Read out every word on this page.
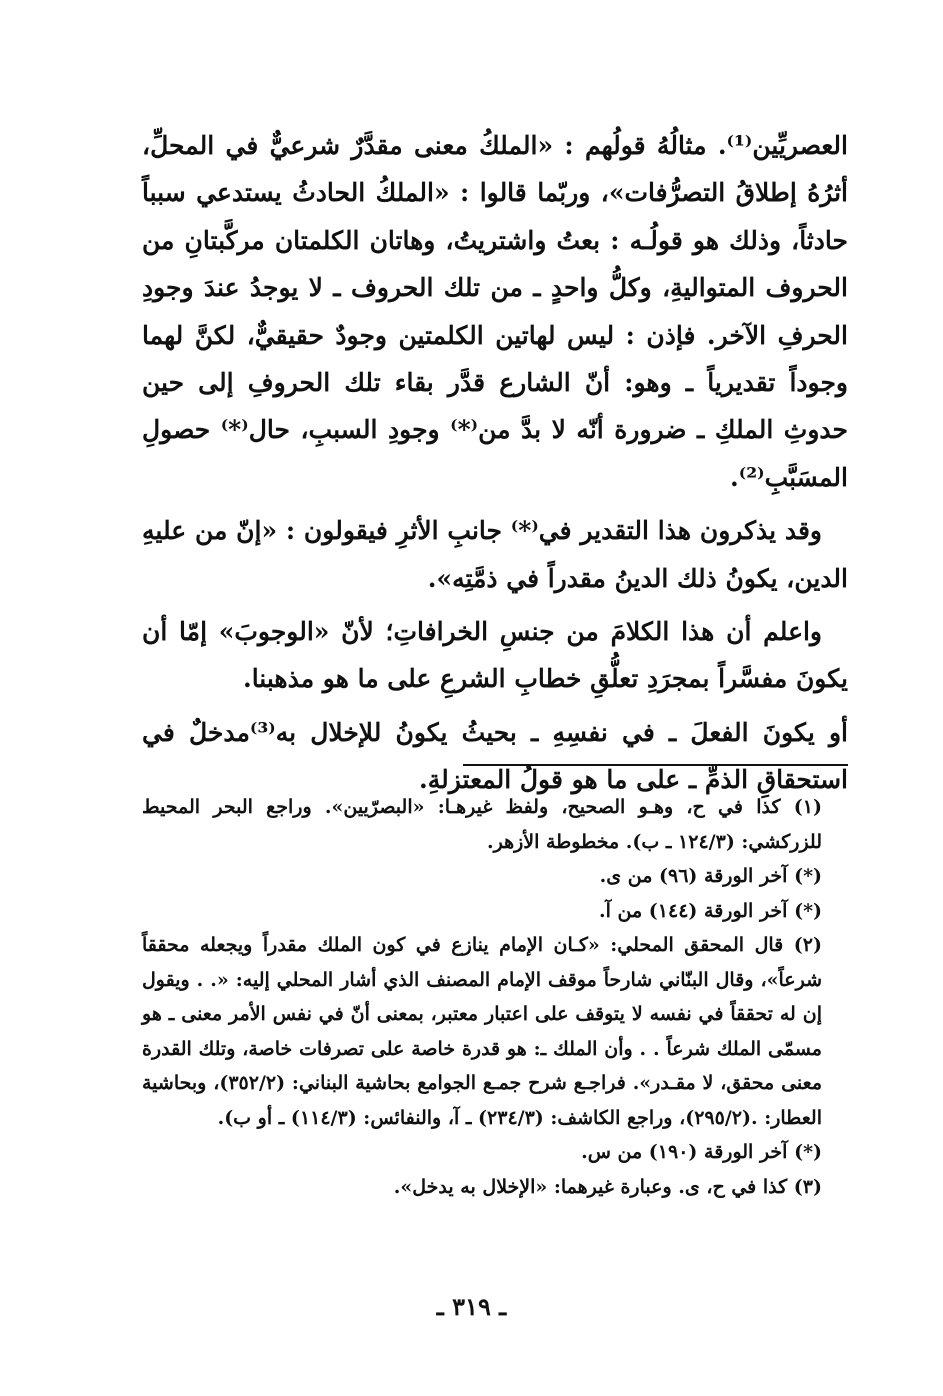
العصريِّين⁽¹⁾. مثالُهُ قولُهم : «الملكُ معنى مقدَّرٌ شرعيٌّ في المحلِّ، أثرُهُ إطلاقُ التصرُّفات»، وربّما قالوا : «الملكُ الحادثُ يستدعي سبباً حادثاً، وذلك هو قولُـه : بعتُ واشتريتُ، وهاتان الكلمتان مركَّبتانِ من الحروف المتواليةِ، وكلُّ واحدٍ ـ من تلك الحروف ـ لا يوجدُ عندَ وجودِ الحرفِ الآخر. فإذن : ليس لهاتين الكلمتين وجودٌ حقيقيٌّ، لكنَّ لهما وجوداً تقديرياً ـ وهو: أنّ الشارع قدَّر بقاء تلك الحروفِ إلى حين حدوثِ الملكِ ـ ضرورة أنّه لا بدَّ من⁽*⁾ وجودِ السببِ، حال⁽*⁾ حصولِ المسَبَّبِ⁽²⁾.

وقد يذكرون هذا التقدير في⁽*⁾ جانبِ الأثرِ فيقولون : «إنّ من عليهِ الدين، يكونُ ذلك الدينُ مقدراً في ذمَّتِه».

واعلم أن هذا الكلامَ من جنسِ الخرافاتِ؛ لأنّ «الوجوبَ» إمّا أن يكونَ مفسَّراً بمجرَدِ تعلُّقِ خطابِ الشرعِ على ما هو مذهبنا.

أو يكونَ الفعلَ ـ في نفسِهِ ـ بحيثُ يكونُ للإخلال به⁽³⁾مدخلٌ في استحقاقِ الذمِّ ـ على ما هو قولُ المعتزلةِ.

(١) كذا في ح، وهـو الصحيح، ولفظ غيرهـا: «البصرّيين». وراجع البحر المحيط للزركشي: (١٢٤/٣ ـ ب). مخطوطة الأزهر.

(*) آخر الورقة (٩٦) من ى.

(*) آخر الورقة (١٤٤) من آ.

(٢) قال المحقق المحلي: «كـان الإمام ينازع في كون الملك مقدراً ويجعله محققاً شرعاً»، وقال البنّاني شارحاً موقف الإمام المصنف الذي أشار المحلي إليه: «. . ويقول إن له تحققاً في نفسه لا يتوقف على اعتبار معتبر، بمعنى أنّ في نفس الأمر معنى ـ هو مسمّى الملك شرعاً . . وأن الملك ـ: هو قدرة خاصة على تصرفات خاصة، وتلك القدرة معنى محقق، لا مقـدر». فراجـع شرح جمـع الجوامع بحاشية البناني: (٣٥٢/٢)، وبحاشية العطار: .(٢٩٥/٢)، وراجع الكاشف: (٢٣٤/٣) ـ آ، والنفائس: (١١٤/٣) ـ أو ب).

(*) آخر الورقة (١٩٠) من س.

(٣) كذا في ح، ى. وعبارة غيرهما: «الإخلال به يدخل».

ـ ٣١٩ ـ
